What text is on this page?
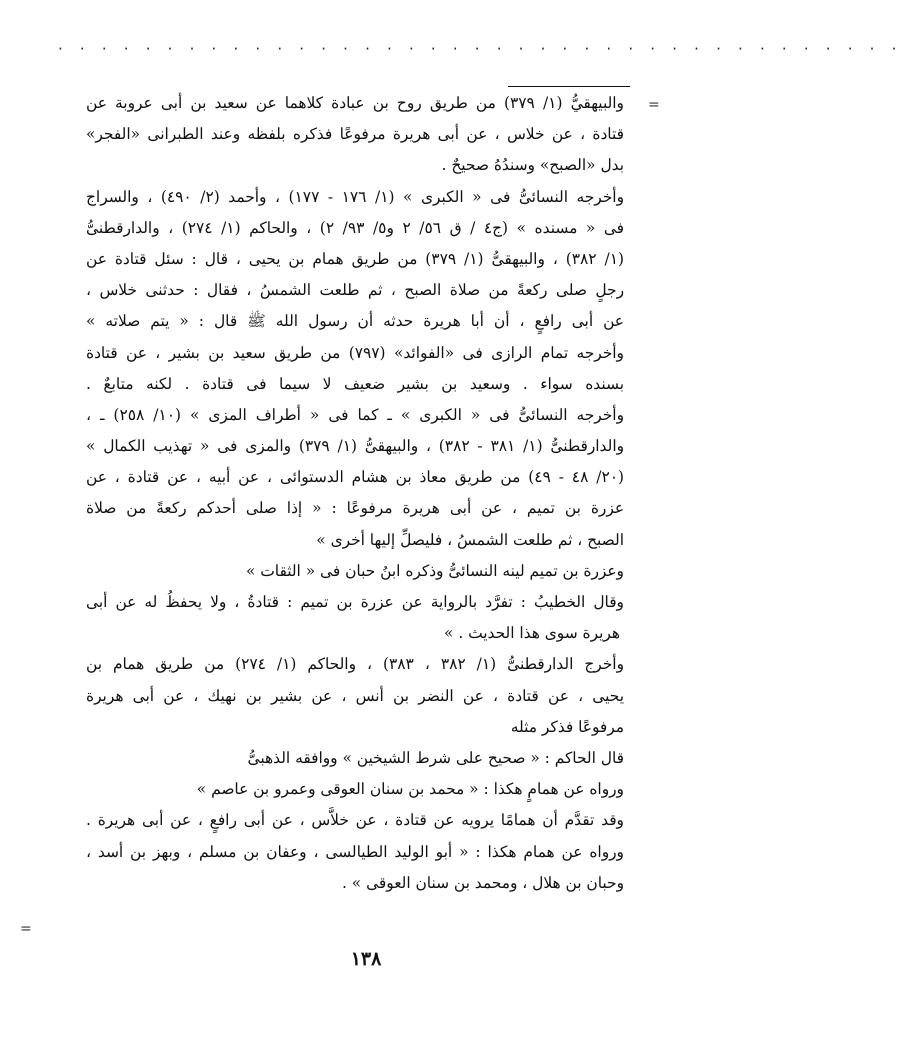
· · · · · · · · · · · · · · · · · · · · · · · · · · · · · · · · · · · · · · ·
=
=
والبيهقيُّ (١/ ٣٧٩) من طريق روح بن عبادة كلاهما عن سعيد بن أبى عروبة عن
قتادة ، عن خلاس ، عن أبى هريرة مرفوعًا فذكره بلفظه وعند الطبرانى «الفجر»
بدل «الصبح» وسندُهُ صحيحٌ .
وأخرجه النسائىُّ فى « الكبرى » (١/ ١٧٦ - ١٧٧) ، وأحمد (٢/ ٤٩٠) ، والسراج
فى « مسنده » (ج٤ / ق ٥٦/ ٢ و٥/ ٩٣/ ٢) ، والحاكم (١/ ٢٧٤) ، والدارقطنىُّ
(١/ ٣٨٢) ، والبيهقىُّ (١/ ٣٧٩) من طريق همام بن يحيى ، قال : سئل قتادة عن
رجلٍ صلى ركعةً من صلاة الصبح ، ثم طلعت الشمسُ ، فقال : حدثنى خلاس ،
عن أبى رافعٍ ، أن أبا هريرة حدثه أن رسول الله ﷺ قال : « يتم صلاته »
وأخرجه تمام الرازى فى «الفوائد» (٧٩٧) من طريق سعيد بن بشير ، عن قتادة
بسنده سواء . وسعيد بن بشير ضعيف لا سيما فى قتادة . لكنه متابعٌ .
وأخرجه النسائىُّ فى « الكبرى » ـ كما فى « أطراف المزى » (١٠/ ٢٥٨) ـ ،
والدارقطنىُّ (١/ ٣٨١ - ٣٨٢) ، والبيهقىُّ (١/ ٣٧٩) والمزى فى « تهذيب الكمال »
(٢٠/ ٤٨ - ٤٩) من طريق معاذ بن هشام الدستوائى ، عن أبيه ، عن قتادة ، عن
عزرة بن تميم ، عن أبى هريرة مرفوعًا : « إذا صلى أحدكم ركعةً من صلاة
الصبح ، ثم طلعت الشمسُ ، فليصلِّ إليها أخرى »
وعزرة بن تميم لينه النسائىُّ وذكره ابنُ حبان فى « الثقات »
وقال الخطيبُ : تفرَّد بالرواية عن عزرة بن تميم : قتادةُ ، ولا يحفظُ له عن أبى
هريرة سوى هذا الحديث . »
وأخرج الدارقطنىُّ (١/ ٣٨٢ ، ٣٨٣) ، والحاكم (١/ ٢٧٤) من طريق همام بن
يحيى ، عن قتادة ، عن النضر بن أنس ، عن بشير بن نهيك ، عن أبى هريرة
مرفوعًا فذكر مثله
قال الحاكم : « صحيح على شرط الشيخين » ووافقه الذهبىُّ
ورواه عن همامٍ هكذا : « محمد بن سنان العوقى وعمرو بن عاصم »
وقد تقدَّم أن همامًا يرويه عن قتادة ، عن خلاَّس ، عن أبى رافعٍ ، عن أبى هريرة .
ورواه عن همام هكذا : « أبو الوليد الطيالسى ، وعفان بن مسلم ، وبهز بن أسد ،
وحبان بن هلال ، ومحمد بن سنان العوقى » .
١٣٨
